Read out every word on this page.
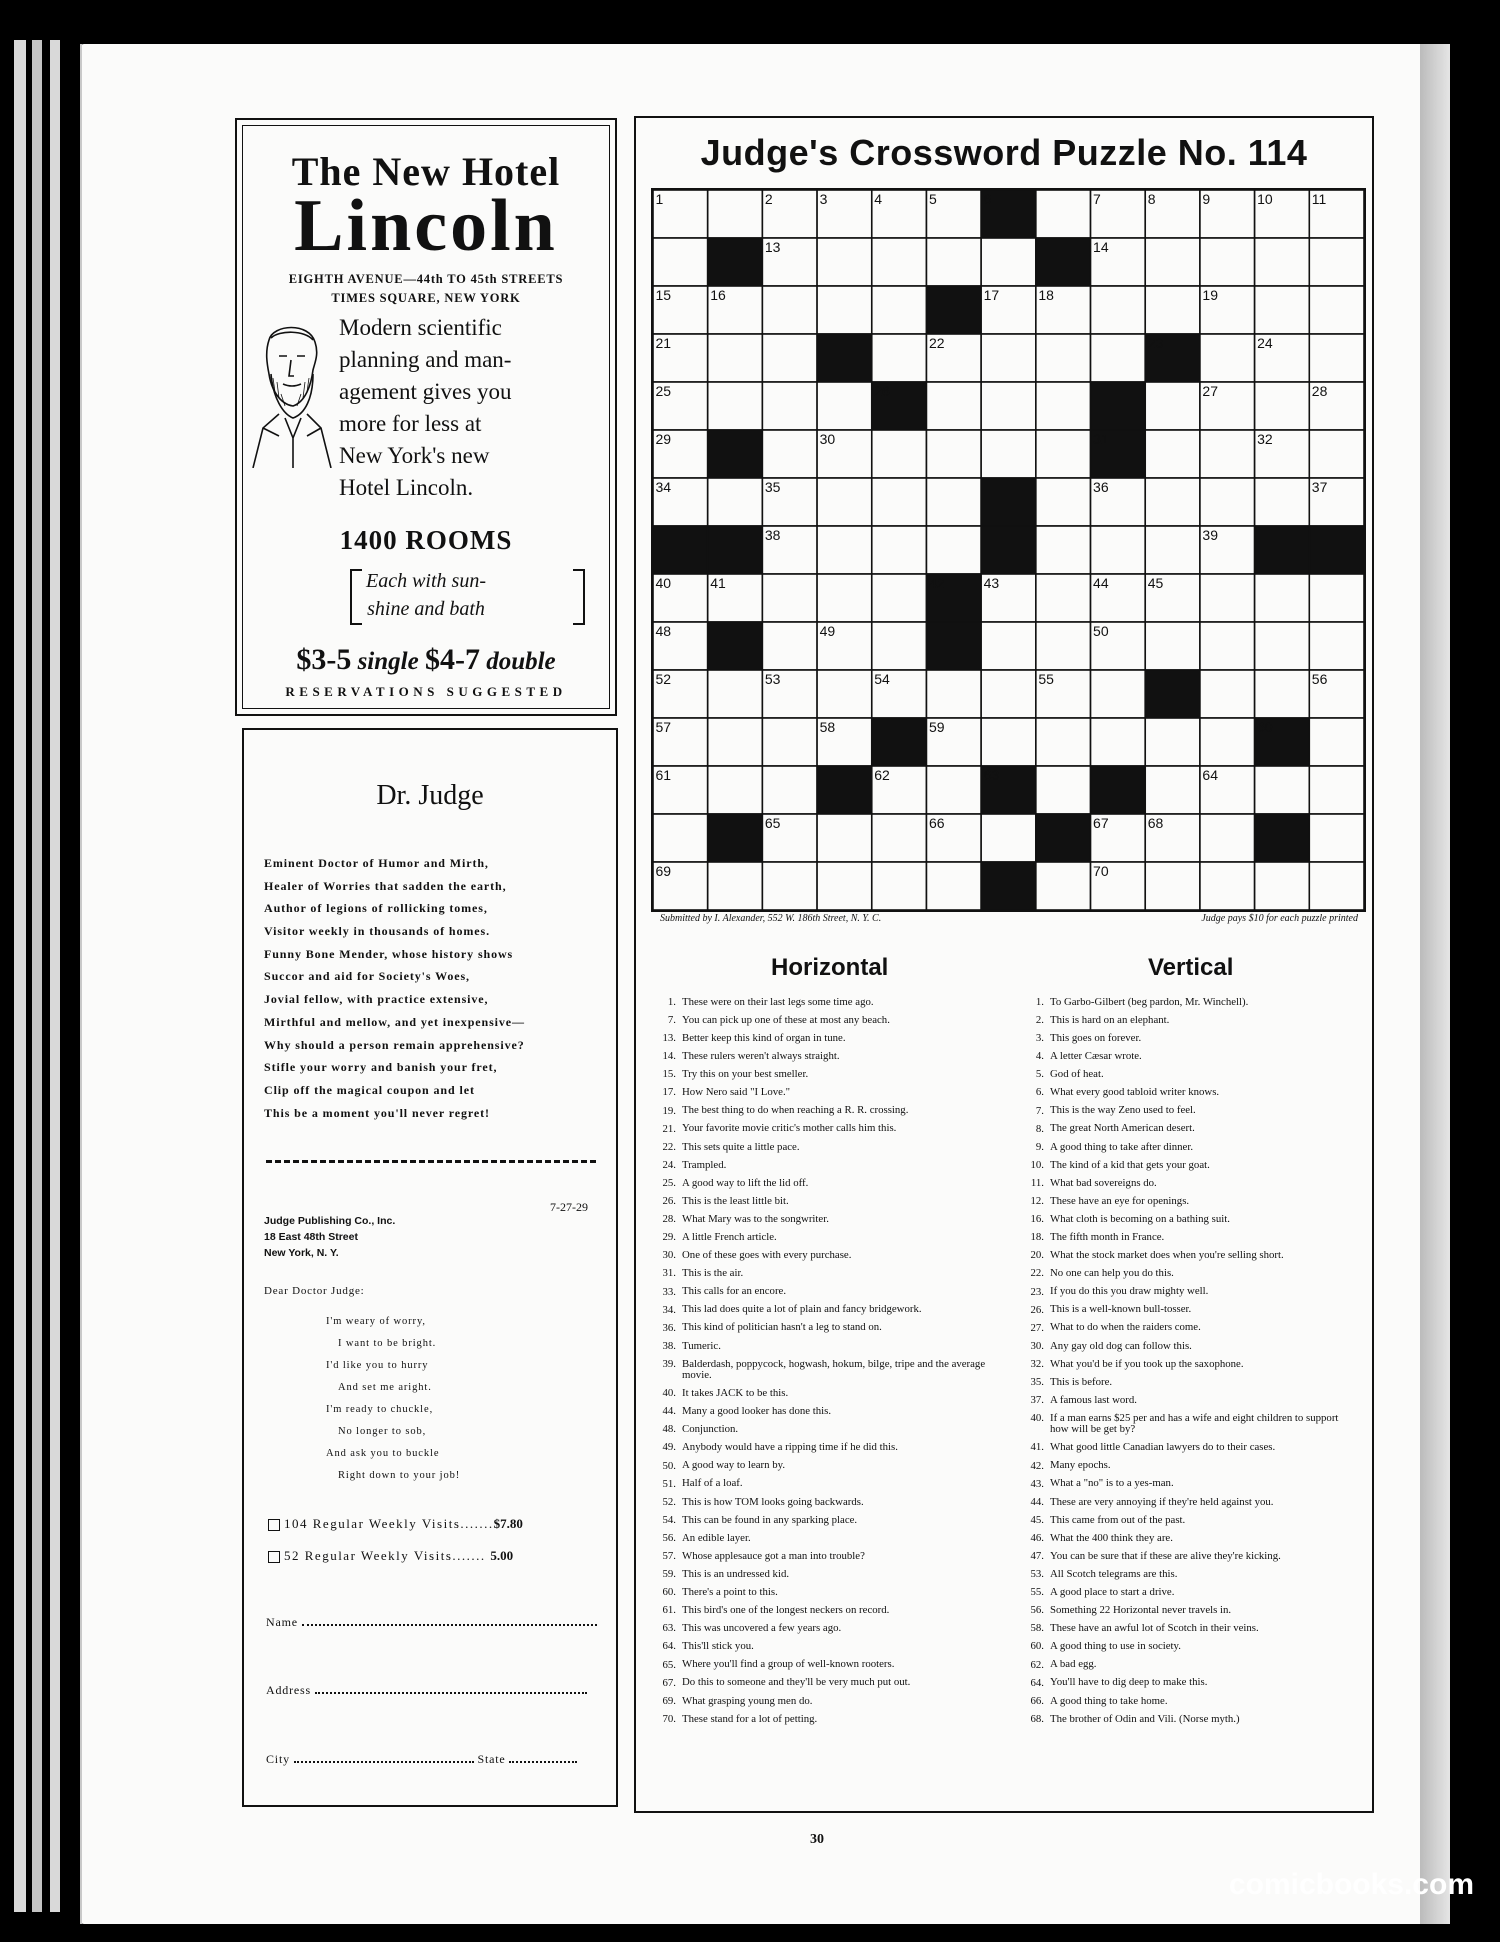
The New Hotel
Lincoln
EIGHTH AVENUE—44th TO 45th STREETS
TIMES SQUARE, NEW YORK

Modern scientific

planning and man-

agement gives you

more for less at

New York's new

Hotel Lincoln.

1400 ROOMS
Each with sun-
shine and bath
$3-5 single $4-7 double
RESERVATIONS SUGGESTED
Dr. Judge
Eminent Doctor of Humor and Mirth,
Healer of Worries that sadden the earth,
Author of legions of rollicking tomes,
Visitor weekly in thousands of homes.
Funny Bone Mender, whose history shows
Succor and aid for Society's Woes,
Jovial fellow, with practice extensive,
Mirthful and mellow, and yet inexpensive—
Why should a person remain apprehensive?
Stifle your worry and banish your fret,
Clip off the magical coupon and let
This be a moment you'll never regret!
7-27-29
Judge Publishing Co., Inc.
18 East 48th Street
New York, N. Y.
Dear Doctor Judge:
I'm weary of worry,
I want to be bright.
I'd like you to hurry
And set me aright.
I'm ready to chuckle,
No longer to sob,
And ask you to buckle
Right down to your job!
104 Regular Weekly Visits.......$7.80
52 Regular Weekly Visits....... 5.00
Name
Address
City	State
Judge's Crossword Puzzle No. 114
1	2	3	4	5	6	7	8	9	10	11
13	14
15	16	17	18	19
21	22	23	24
25	26	27	28
29	30	31	32
34	35	36	37
38	39
40	41	42	43	44	45
48	49	50
52	53	54	55	56
57	58	59	60
61	62	63	64
65	66	67	68
69	70
Submitted by I. Alexander, 552 W. 186th Street, N. Y. C.	Judge pays $10 for each puzzle printed
Horizontal	Vertical
1. These were on their last legs some time ago.
7. You can pick up one of these at most any beach.
13. Better keep this kind of organ in tune.
14. These rulers weren't always straight.
15. Try this on your best smeller.
17. How Nero said "I Love."
19. The best thing to do when reaching a R. R. crossing.
21. Your favorite movie critic's mother calls him this.
22. This sets quite a little pace.
24. Trampled.
25. A good way to lift the lid off.
26. This is the least little bit.
28. What Mary was to the songwriter.
29. A little French article.
30. One of these goes with every purchase.
31. This is the air.
33. This calls for an encore.
34. This lad does quite a lot of plain and fancy bridgework.
36. This kind of politician hasn't a leg to stand on.
38. Tumeric.
39. Balderdash, poppycock, hogwash, hokum, bilge, tripe and the average movie.
40. It takes JACK to be this.
44. Many a good looker has done this.
48. Conjunction.
49. Anybody would have a ripping time if he did this.
50. A good way to learn by.
51. Half of a loaf.
52. This is how TOM looks going backwards.
54. This can be found in any sparking place.
56. An edible layer.
57. Whose applesauce got a man into trouble?
59. This is an undressed kid.
60. There's a point to this.
61. This bird's one of the longest neckers on record.
63. This was uncovered a few years ago.
64. This'll stick you.
65. Where you'll find a group of well-known rooters.
67. Do this to someone and they'll be very much put out.
69. What grasping young men do.
70. These stand for a lot of petting.
1. To Garbo-Gilbert (beg pardon, Mr. Winchell).
2. This is hard on an elephant.
3. This goes on forever.
4. A letter Cæsar wrote.
5. God of heat.
6. What every good tabloid writer knows.
7. This is the way Zeno used to feel.
8. The great North American desert.
9. A good thing to take after dinner.
10. The kind of a kid that gets your goat.
11. What bad sovereigns do.
12. These have an eye for openings.
16. What cloth is becoming on a bathing suit.
18. The fifth month in France.
20. What the stock market does when you're selling short.
22. No one can help you do this.
23. If you do this you draw mighty well.
26. This is a well-known bull-tosser.
27. What to do when the raiders come.
30. Any gay old dog can follow this.
32. What you'd be if you took up the saxophone.
35. This is before.
37. A famous last word.
40. If a man earns $25 per and has a wife and eight children to support how will be get by?
41. What good little Canadian lawyers do to their cases.
42. Many epochs.
43. What a "no" is to a yes-man.
44. These are very annoying if they're held against you.
45. This came from out of the past.
46. What the 400 think they are.
47. You can be sure that if these are alive they're kicking.
53. All Scotch telegrams are this.
55. A good place to start a drive.
56. Something 22 Horizontal never travels in.
58. These have an awful lot of Scotch in their veins.
60. A good thing to use in society.
62. A bad egg.
64. You'll have to dig deep to make this.
66. A good thing to take home.
68. The brother of Odin and Vili. (Norse myth.)
30
comicbooks.com
